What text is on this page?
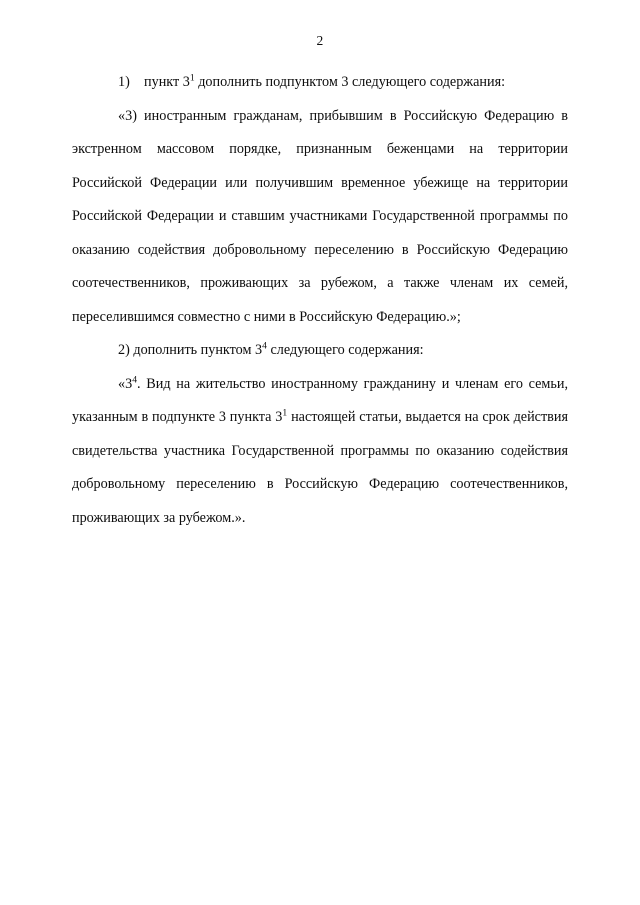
2

1) пункт $3^1$ дополнить подпунктом 3 следующего содержания:

«3) иностранным гражданам, прибывшим в Российскую Федерацию в экстренном массовом порядке, признанным беженцами на территории Российской Федерации или получившим временное убежище на территории Российской Федерации и ставшим участниками Государственной программы по оказанию содействия добровольному переселению в Российскую Федерацию соотечественников, проживающих за рубежом, а также членам их семей, переселившимся совместно с ними в Российскую Федерацию.»;

2) дополнить пунктом $3^4$ следующего содержания:

«$3^4$. Вид на жительство иностранному гражданину и членам его семьи, указанным в подпункте 3 пункта $3^1$ настоящей статьи, выдается на срок действия свидетельства участника Государственной программы по оказанию содействия добровольному переселению в Российскую Федерацию соотечественников, проживающих за рубежом.».
